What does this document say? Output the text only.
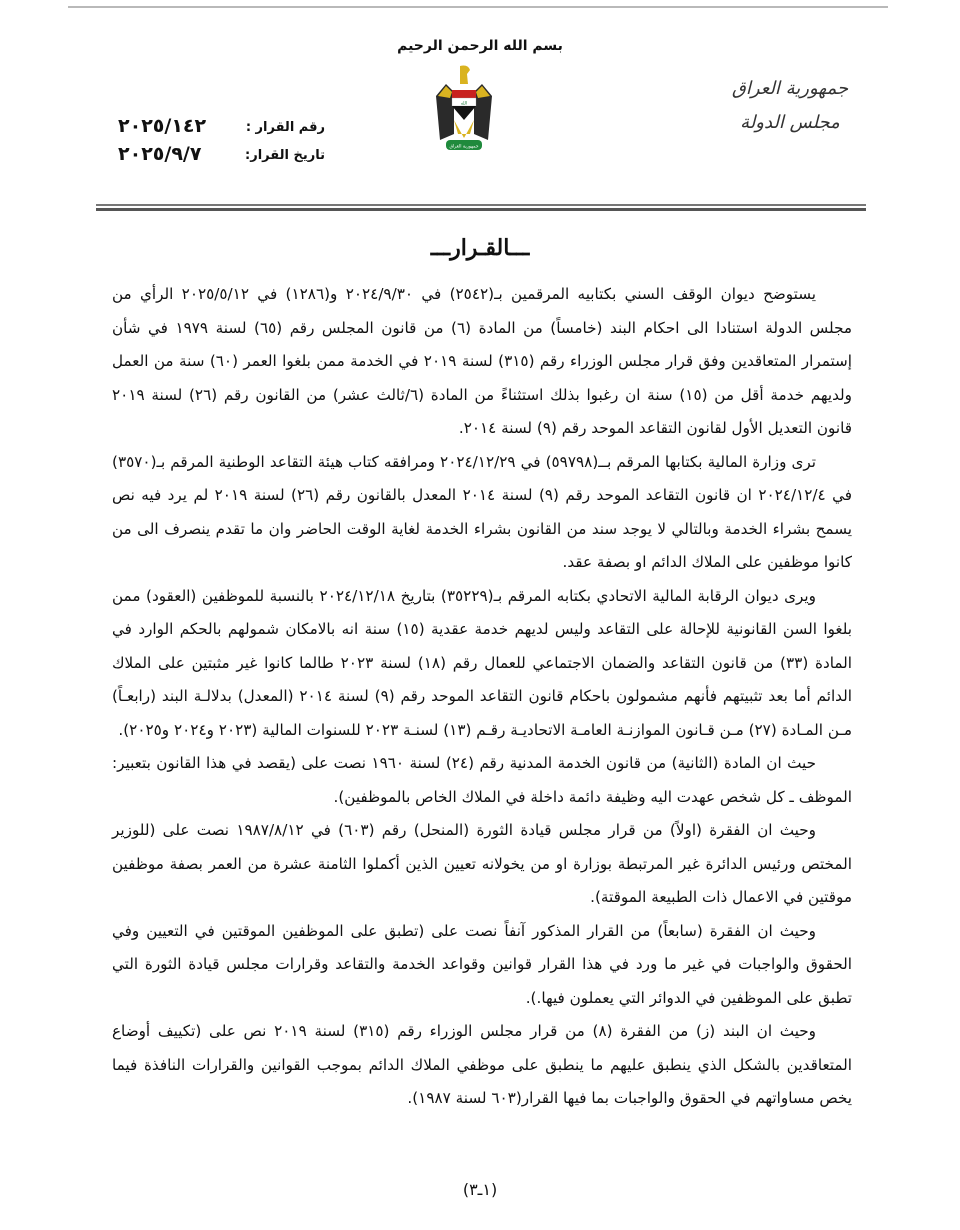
بسم الله الرحمن الرحيم
الله
جمهورية العراق
جمهورية العراق
مجلس الدولة
رقم القرار :
تاريخ القرار:
٢٠٢٥/١٤٢
٢٠٢٥/٩/٧
ـــالقـرارـــ

يستوضح ديوان الوقف السني بكتابيه المرقمين بـ(٢٥٤٢) في ٢٠٢٤/٩/٣٠ و(١٢٨٦) في ٢٠٢٥/٥/١٢ الرأي من مجلس الدولة استنادا الى احكام البند (خامساً) من المادة (٦) من قانون المجلس رقم (٦٥) لسنة ١٩٧٩ في شأن إستمرار المتعاقدين وفق قرار مجلس الوزراء رقم (٣١٥) لسنة ٢٠١٩ في الخدمة ممن بلغوا العمر (٦٠) سنة من العمل ولديهم خدمة أقل من (١٥) سنة ان رغبوا بذلك استثناءً من المادة (٦/ثالث عشر) من القانون رقم (٢٦) لسنة ٢٠١٩ قانون التعديل الأول لقانون التقاعد الموحد رقم (٩) لسنة ٢٠١٤.

ترى وزارة المالية بكتابها المرقم بــ(٥٩٧٩٨) في ٢٠٢٤/١٢/٢٩ ومرافقه كتاب هيئة التقاعد الوطنية المرقم بـ(٣٥٧٠) في ٢٠٢٤/١٢/٤ ان قانون التقاعد الموحد رقم (٩) لسنة ٢٠١٤ المعدل بالقانون رقم (٢٦) لسنة ٢٠١٩ لم يرد فيه نص يسمح بشراء الخدمة وبالتالي لا يوجد سند من القانون بشراء الخدمة لغاية الوقت الحاضر وان ما تقدم ينصرف الى من كانوا موظفين على الملاك الدائم او بصفة عقد.

ويرى ديوان الرقابة المالية الاتحادي بكتابه المرقم بـ(٣٥٢٢٩) بتاريخ ٢٠٢٤/١٢/١٨ بالنسبة للموظفين (العقود) ممن بلغوا السن القانونية للإحالة على التقاعد وليس لديهم خدمة عقدية (١٥) سنة انه بالامكان شمولهم بالحكم الوارد في المادة (٣٣) من قانون التقاعد والضمان الاجتماعي للعمال رقم (١٨) لسنة ٢٠٢٣ طالما كانوا غير مثبتين على الملاك الدائم أما بعد تثبيتهم فأنهم مشمولون باحكام قانون التقاعد الموحد رقم (٩) لسنة ٢٠١٤ (المعدل) بدلالـة البند (رابعـاً) مـن المـادة (٢٧) مـن قـانون الموازنـة العامـة الاتحاديـة رقـم (١٣) لسنـة ٢٠٢٣ للسنوات المالية (٢٠٢٣ و٢٠٢٤ و٢٠٢٥).

حيث ان المادة (الثانية) من قانون الخدمة المدنية رقم (٢٤) لسنة ١٩٦٠ نصت على (يقصد في هذا القانون بتعبير: الموظف ـ كل شخص عهدت اليه وظيفة دائمة داخلة في الملاك الخاص بالموظفين).

وحيث ان الفقرة (اولاً) من قرار مجلس قيادة الثورة (المنحل) رقم (٦٠٣) في ١٩٨٧/٨/١٢ نصت على (للوزير المختص ورئيس الدائرة غير المرتبطة بوزارة او من يخولانه تعيين الذين أكملوا الثامنة عشرة من العمر بصفة موظفين موقتين في الاعمال ذات الطبيعة الموقتة).

وحيث ان الفقرة (سابعاً) من القرار المذكور آنفاً نصت على (تطبق على الموظفين الموقتين في التعيين وفي الحقوق والواجبات في غير ما ورد في هذا القرار قوانين وقواعد الخدمة والتقاعد وقرارات مجلس قيادة الثورة التي تطبق على الموظفين في الدوائر التي يعملون فيها.).

وحيث ان البند (ز) من الفقرة (٨) من قرار مجلس الوزراء رقم (٣١٥) لسنة ٢٠١٩ نص على (تكييف أوضاع المتعاقدين بالشكل الذي ينطبق عليهم ما ينطبق على موظفي الملاك الدائم بموجب القوانين والقرارات النافذة فيما يخص مساواتهم في الحقوق والواجبات بما فيها القرار(٦٠٣ لسنة ١٩٨٧).

(١ـ٣)
